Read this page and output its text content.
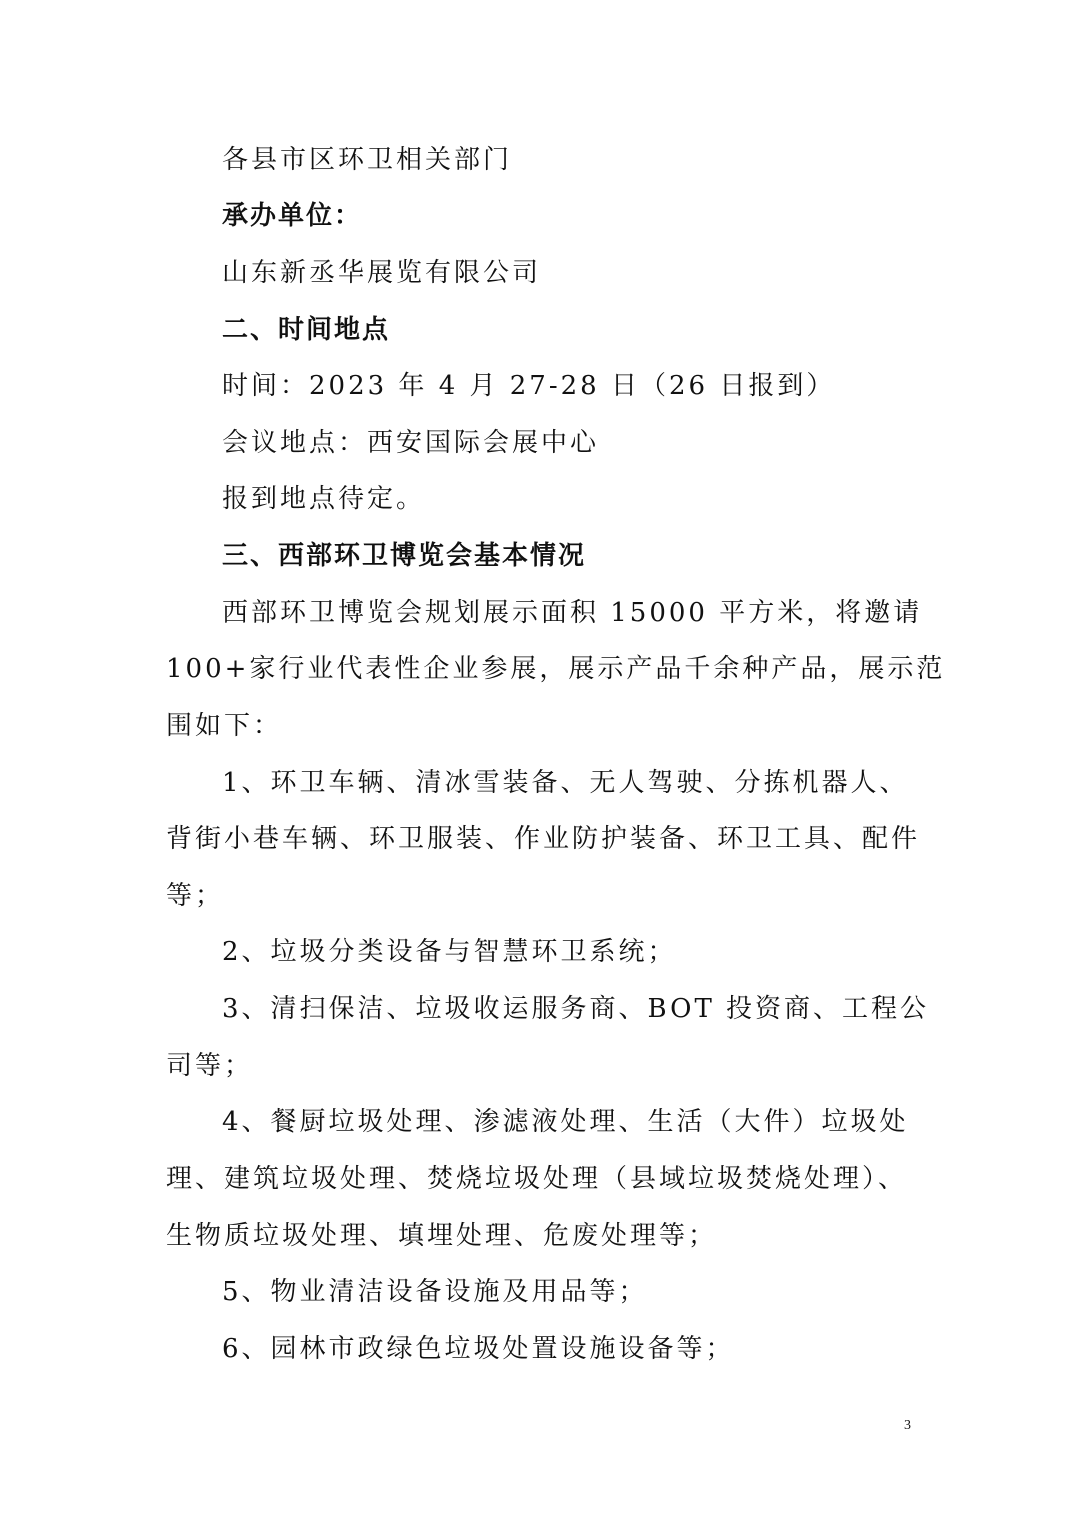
各县市区环卫相关部门
承办单位：
山东新丞华展览有限公司
二、时间地点
时间：2023 年 4 月 27-28 日（26 日报到）
会议地点：西安国际会展中心
报到地点待定。
三、西部环卫博览会基本情况
西部环卫博览会规划展示面积 15000 平方米，将邀请
100+家行业代表性企业参展，展示产品千余种产品，展示范
围如下：
1、环卫车辆、清冰雪装备、无人驾驶、分拣机器人、
背街小巷车辆、环卫服装、作业防护装备、环卫工具、配件
等；
2、垃圾分类设备与智慧环卫系统；
3、清扫保洁、垃圾收运服务商、BOT 投资商、工程公
司等；
4、餐厨垃圾处理、渗滤液处理、生活（大件）垃圾处
理、建筑垃圾处理、焚烧垃圾处理（县域垃圾焚烧处理）、
生物质垃圾处理、填埋处理、危废处理等；
5、物业清洁设备设施及用品等；
6、园林市政绿色垃圾处置设施设备等；
3
